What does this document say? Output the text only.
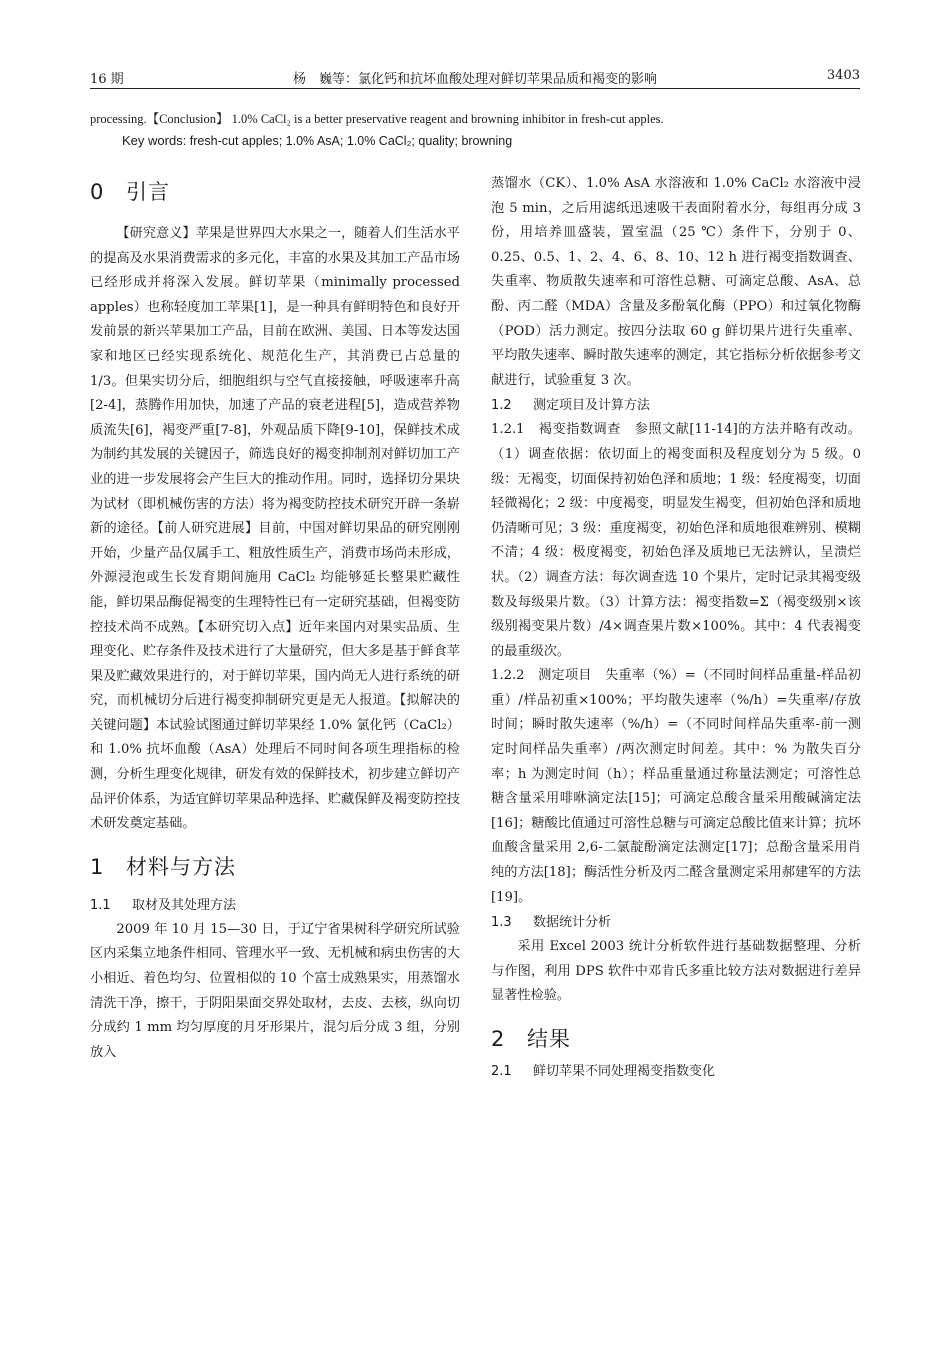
16 期	杨　巍等：氯化钙和抗坏血酸处理对鲜切苹果品质和褐变的影响	3403
processing.【Conclusion】 1.0% CaCl₂ is a better preservative reagent and browning inhibitor in fresh-cut apples.
Key words: fresh-cut apples; 1.0% AsA; 1.0% CaCl₂; quality; browning
0 引言

【研究意义】苹果是世界四大水果之一，随着人们生活水平的提高及水果消费需求的多元化，丰富的水果及其加工产品市场已经形成并将深入发展。鲜切苹果（minimally processed apples）也称轻度加工苹果[1]，是一种具有鲜明特色和良好开发前景的新兴苹果加工产品，目前在欧洲、美国、日本等发达国家和地区已经实现系统化、规范化生产，其消费已占总量的1/3。但果实切分后，细胞组织与空气直接接触，呼吸速率升高[2-4]，蒸腾作用加快，加速了产品的衰老进程[5]，造成营养物质流失[6]，褐变严重[7-8]，外观品质下降[9-10]，保鲜技术成为制约其发展的关键因子，筛选良好的褐变抑制剂对鲜切加工产业的进一步发展将会产生巨大的推动作用。同时，选择切分果块为试材（即机械伤害的方法）将为褐变防控技术研究开辟一条崭新的途径。【前人研究进展】目前，中国对鲜切果品的研究刚刚开始，少量产品仅属手工、粗放性质生产，消费市场尚未形成，外源浸泡或生长发育期间施用 CaCl₂ 均能够延长整果贮藏性能，鲜切果品酶促褐变的生理特性已有一定研究基础，但褐变防控技术尚不成熟。【本研究切入点】近年来国内对果实品质、生理变化、贮存条件及技术进行了大量研究，但大多是基于鲜食苹果及贮藏效果进行的，对于鲜切苹果，国内尚无人进行系统的研究，而机械切分后进行褐变抑制研究更是无人报道。【拟解决的关键问题】本试验试图通过鲜切苹果经 1.0% 氯化钙（CaCl₂）和 1.0% 抗坏血酸（AsA）处理后不同时间各项生理指标的检测，分析生理变化规律，研发有效的保鲜技术，初步建立鲜切产品评价体系，为适宜鲜切苹果品种选择、贮藏保鲜及褐变防控技术研发奠定基础。

1 材料与方法
1.1 取材及其处理方法

2009 年 10 月 15—30 日，于辽宁省果树科学研究所试验区内采集立地条件相同、管理水平一致、无机械和病虫伤害的大小相近、着色均匀、位置相似的 10 个富士成熟果实，用蒸馏水清洗干净，擦干，于阴阳果面交界处取材，去皮、去核，纵向切分成约 1 mm 均匀厚度的月牙形果片，混匀后分成 3 组，分别放入

蒸馏水（CK）、1.0% AsA 水溶液和 1.0% CaCl₂ 水溶液中浸泡 5 min，之后用滤纸迅速吸干表面附着水分，每组再分成 3 份，用培养皿盛装，置室温（25 ℃）条件下，分别于 0、0.25、0.5、1、2、4、6、8、10、12 h 进行褐变指数调查、失重率、物质散失速率和可溶性总糖、可滴定总酸、AsA、总酚、丙二醛（MDA）含量及多酚氧化酶（PPO）和过氧化物酶（POD）活力测定。按四分法取 60 g 鲜切果片进行失重率、平均散失速率、瞬时散失速率的测定，其它指标分析依据参考文献进行，试验重复 3 次。

1.2 测定项目及计算方法

1.2.1　褐变指数调查　参照文献[11-14]的方法并略有改动。（1）调查依据：依切面上的褐变面积及程度划分为 5 级。0 级：无褐变，切面保持初始色泽和质地；1 级：轻度褐变，切面轻微褐化；2 级：中度褐变，明显发生褐变，但初始色泽和质地仍清晰可见；3 级：重度褐变，初始色泽和质地很难辨别、模糊不清；4 级：极度褐变，初始色泽及质地已无法辨认，呈溃烂状。（2）调查方法：每次调查选 10 个果片，定时记录其褐变级数及每级果片数。（3）计算方法：褐变指数=Σ（褐变级别×该级别褐变果片数）/4×调查果片数×100%。其中：4 代表褐变的最重级次。

1.2.2　测定项目　失重率（%）=（不同时间样品重量-样品初重）/样品初重×100%；平均散失速率（%/h）=失重率/存放时间；瞬时散失速率（%/h）=（不同时间样品失重率-前一测定时间样品失重率）/两次测定时间差。其中：% 为散失百分率；h 为测定时间（h）；样品重量通过称量法测定；可溶性总糖含量采用啡咻滴定法[15]；可滴定总酸含量采用酸碱滴定法[16]；糖酸比值通过可溶性总糖与可滴定总酸比值来计算；抗坏血酸含量采用 2,6-二氯靛酚滴定法测定[17]；总酚含量采用肖纯的方法[18]；酶活性分析及丙二醛含量测定采用郝建军的方法[19]。

1.3 数据统计分析

采用 Excel 2003 统计分析软件进行基础数据整理、分析与作图，利用 DPS 软件中邓肯氏多重比较方法对数据进行差异显著性检验。

2 结果
2.1 鲜切苹果不同处理褐变指数变化
